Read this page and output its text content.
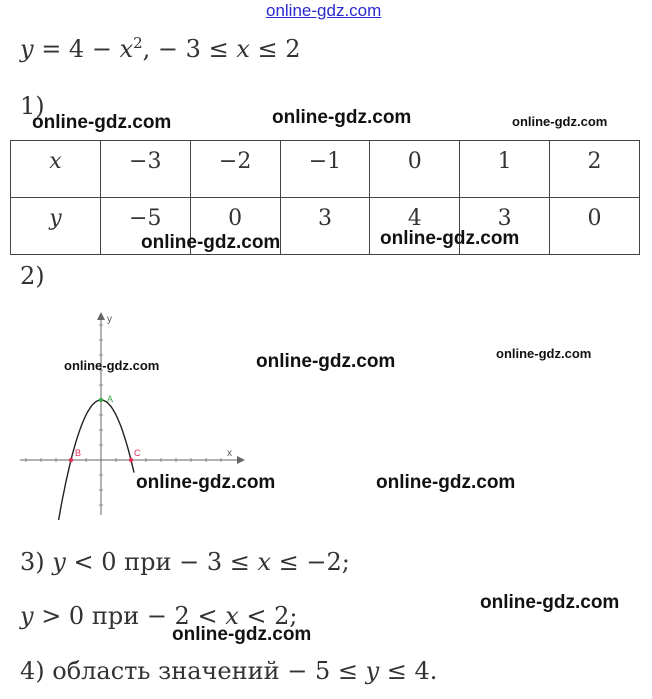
online-gdz.com
$y = 4 - x^2$, − 3 ≤ x ≤ 2
1)
x	−3	−2	−1	0	1	2
y	−5	0	3	4	3	0
2)
y
x
A
B	C
3) y < 0 при − 3 ≤ x ≤ −2;
y > 0 при − 2 < x < 2;
4) область значений − 5 ≤ y ≤ 4.
online-gdz.com	online-gdz.com	online-gdz.com
online-gdz.com	online-gdz.com
online-gdz.com	online-gdz.com	online-gdz.com
online-gdz.com	online-gdz.com
online-gdz.com
online-gdz.com
